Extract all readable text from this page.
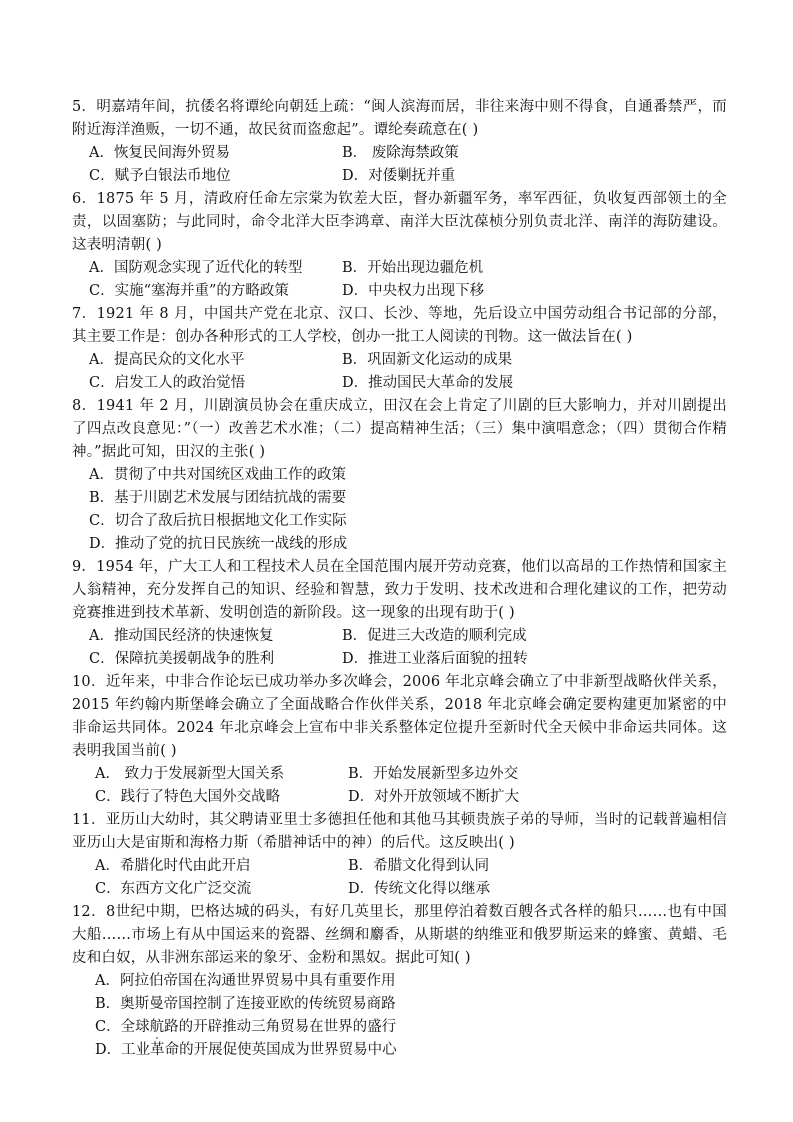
5．明嘉靖年间，抗倭名将谭纶向朝廷上疏：“闽人滨海而居，非往来海中则不得食，自通番禁严，而附近海洋渔贩，一切不通，故民贫而盗愈起”。谭纶奏疏意在( )

A．恢复民间海外贸易	B． 废除海禁政策
C．赋予白银法币地位	D．对倭剿抚并重

6．1875 年 5 月，清政府任命左宗棠为钦差大臣，督办新疆军务，率军西征，负收复西部领土的全责，以固塞防；与此同时，命令北洋大臣李鸿章、南洋大臣沈葆桢分别负责北洋、南洋的海防建设。这表明清朝( )

A．国防观念实现了近代化的转型	B．开始出现边疆危机
C．实施“塞海并重”的方略政策	D．中央权力出现下移

7．1921 年 8 月，中国共产党在北京、汉口、长沙、等地，先后设立中国劳动组合书记部的分部，其主要工作是：创办各种形式的工人学校，创办一批工人阅读的刊物。这一做法旨在( )

A．提高民众的文化水平	B．巩固新文化运动的成果
C．启发工人的政治觉悟	D．推动国民大革命的发展

8．1941 年 2 月，川剧演员协会在重庆成立，田汉在会上肯定了川剧的巨大影响力，并对川剧提出了四点改良意见：”（一）改善艺术水准；（二）提高精神生活；（三）集中演唱意念；（四）贯彻合作精神。”据此可知，田汉的主张( )

A．贯彻了中共对国统区戏曲工作的政策
B．基于川剧艺术发展与团结抗战的需要
C．切合了敌后抗日根据地文化工作实际
D．推动了党的抗日民族统一战线的形成

9．1954 年，广大工人和工程技术人员在全国范围内展开劳动竞赛，他们以高昂的工作热情和国家主人翁精神，充分发挥自己的知识、经验和智慧，致力于发明、技术改进和合理化建议的工作，把劳动竞赛推进到技术革新、发明创造的新阶段。这一现象的出现有助于( )

A．推动国民经济的快速恢复	B．促进三大改造的顺利完成
C．保障抗美援朝战争的胜利	D．推进工业落后面貌的扭转

10．近年来，中非合作论坛已成功举办多次峰会，2006 年北京峰会确立了中非新型战略伙伴关系，2015 年约翰内斯堡峰会确立了全面战略合作伙伴关系，2018 年北京峰会确定要构建更加紧密的中非命运共同体。2024 年北京峰会上宣布中非关系整体定位提升至新时代全天候中非命运共同体。这表明我国当前( )

A． 致力于发展新型大国关系	B．开始发展新型多边外交
C．践行了特色大国外交战略	D．对外开放领域不断扩大

11．亚历山大幼时，其父聘请亚里士多德担任他和其他马其顿贵族子弟的导师，当时的记载普遍相信亚历山大是宙斯和海格力斯（希腊神话中的神）的后代。这反映出( )

A．希腊化时代由此开启	B．希腊文化得到认同
C．东西方文化广泛交流	D．传统文化得以继承

12．8世纪中期，巴格达城的码头，有好几英里长，那里停泊着数百艘各式各样的船只……也有中国大船……市场上有从中国运来的瓷器、丝绸和麝香，从斯堪的纳维亚和俄罗斯运来的蜂蜜、黄蜡、毛皮和白奴，从非洲东部运来的象牙、金粉和黑奴。据此可知( )

A．阿拉伯帝国在沟通世界贸易中具有重要作用
B．奥斯曼帝国控制了连接亚欧的传统贸易商路
C．全球航路的开辟推动三角贸易在世界的盛行
D．工业革命的开展促使英国成为世界贸易中心
